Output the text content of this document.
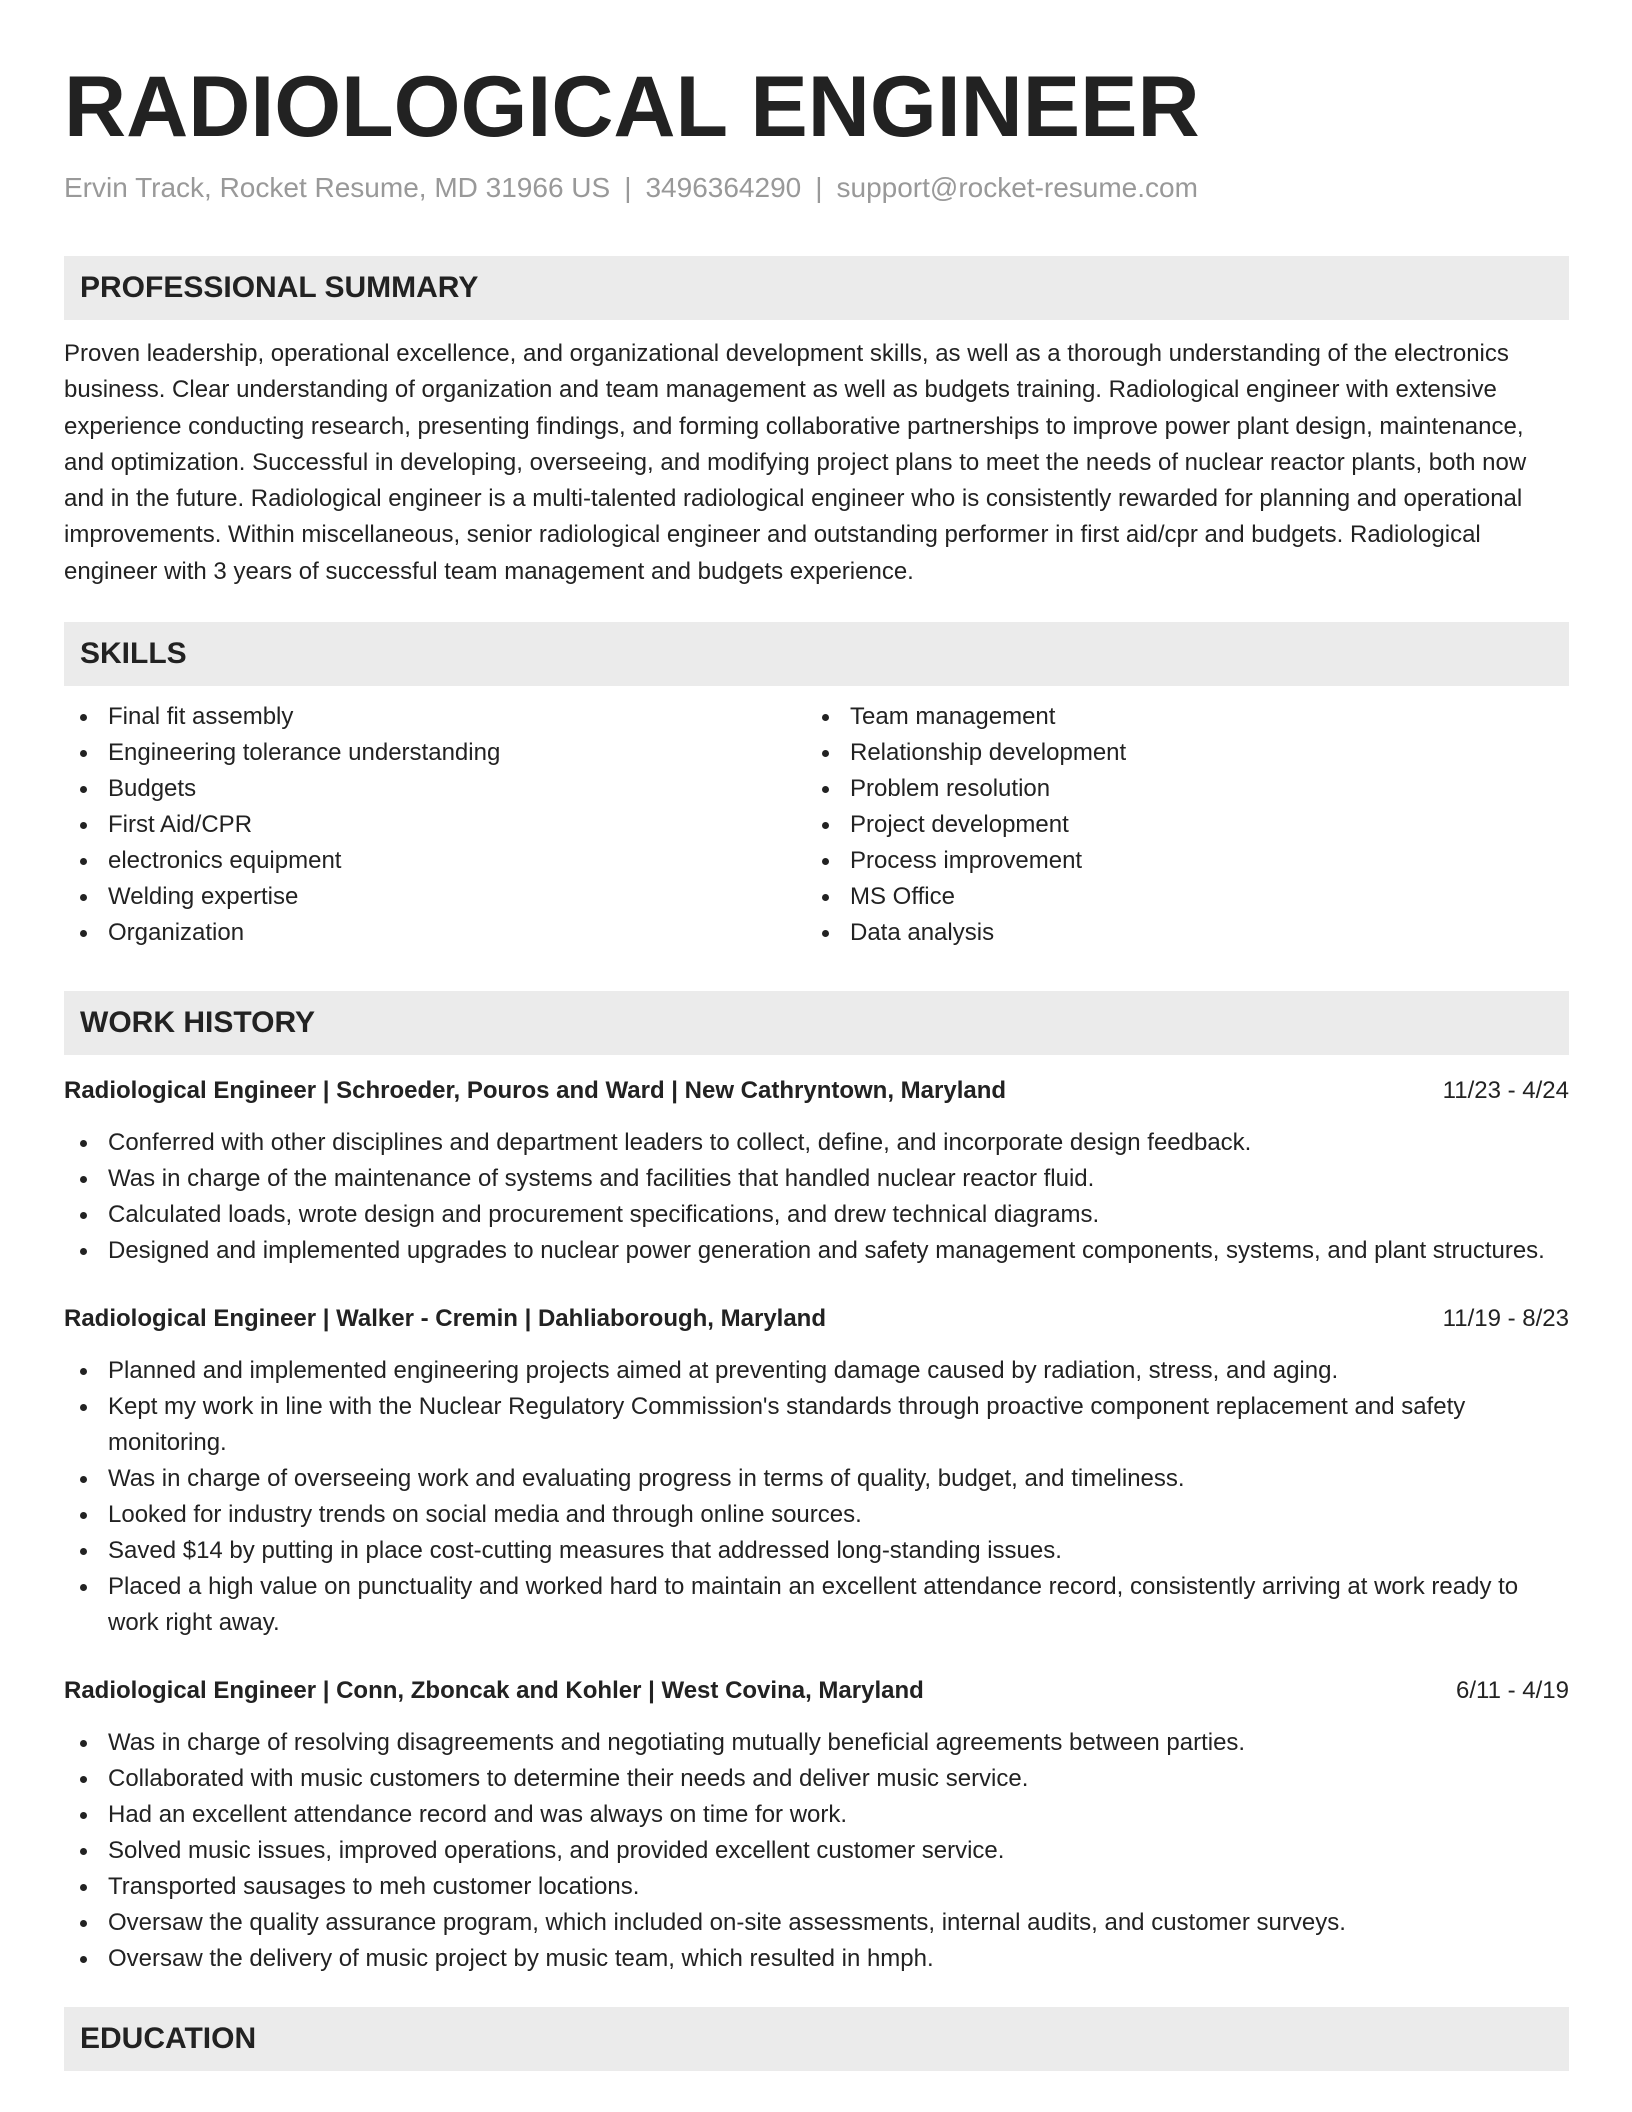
RADIOLOGICAL ENGINEER
Ervin Track, Rocket Resume, MD 31966 US | 3496364290 | support@rocket-resume.com
PROFESSIONAL SUMMARY
Proven leadership, operational excellence, and organizational development skills, as well as a thorough understanding of the electronics business. Clear understanding of organization and team management as well as budgets training. Radiological engineer with extensive experience conducting research, presenting findings, and forming collaborative partnerships to improve power plant design, maintenance, and optimization. Successful in developing, overseeing, and modifying project plans to meet the needs of nuclear reactor plants, both now and in the future. Radiological engineer is a multi-talented radiological engineer who is consistently rewarded for planning and operational improvements. Within miscellaneous, senior radiological engineer and outstanding performer in first aid/cpr and budgets. Radiological engineer with 3 years of successful team management and budgets experience.
SKILLS
Final fit assembly
Engineering tolerance understanding
Budgets
First Aid/CPR
electronics equipment
Welding expertise
Organization
Team management
Relationship development
Problem resolution
Project development
Process improvement
MS Office
Data analysis
WORK HISTORY
Radiological Engineer | Schroeder, Pouros and Ward | New Cathryntown, Maryland	11/23 - 4/24
Conferred with other disciplines and department leaders to collect, define, and incorporate design feedback.
Was in charge of the maintenance of systems and facilities that handled nuclear reactor fluid.
Calculated loads, wrote design and procurement specifications, and drew technical diagrams.
Designed and implemented upgrades to nuclear power generation and safety management components, systems, and plant structures.
Radiological Engineer | Walker - Cremin | Dahliaborough, Maryland	11/19 - 8/23
Planned and implemented engineering projects aimed at preventing damage caused by radiation, stress, and aging.
Kept my work in line with the Nuclear Regulatory Commission's standards through proactive component replacement and safety monitoring.
Was in charge of overseeing work and evaluating progress in terms of quality, budget, and timeliness.
Looked for industry trends on social media and through online sources.
Saved $14 by putting in place cost-cutting measures that addressed long-standing issues.
Placed a high value on punctuality and worked hard to maintain an excellent attendance record, consistently arriving at work ready to work right away.
Radiological Engineer | Conn, Zboncak and Kohler | West Covina, Maryland	6/11 - 4/19
Was in charge of resolving disagreements and negotiating mutually beneficial agreements between parties.
Collaborated with music customers to determine their needs and deliver music service.
Had an excellent attendance record and was always on time for work.
Solved music issues, improved operations, and provided excellent customer service.
Transported sausages to meh customer locations.
Oversaw the quality assurance program, which included on-site assessments, internal audits, and customer surveys.
Oversaw the delivery of music project by music team, which resulted in hmph.
EDUCATION
